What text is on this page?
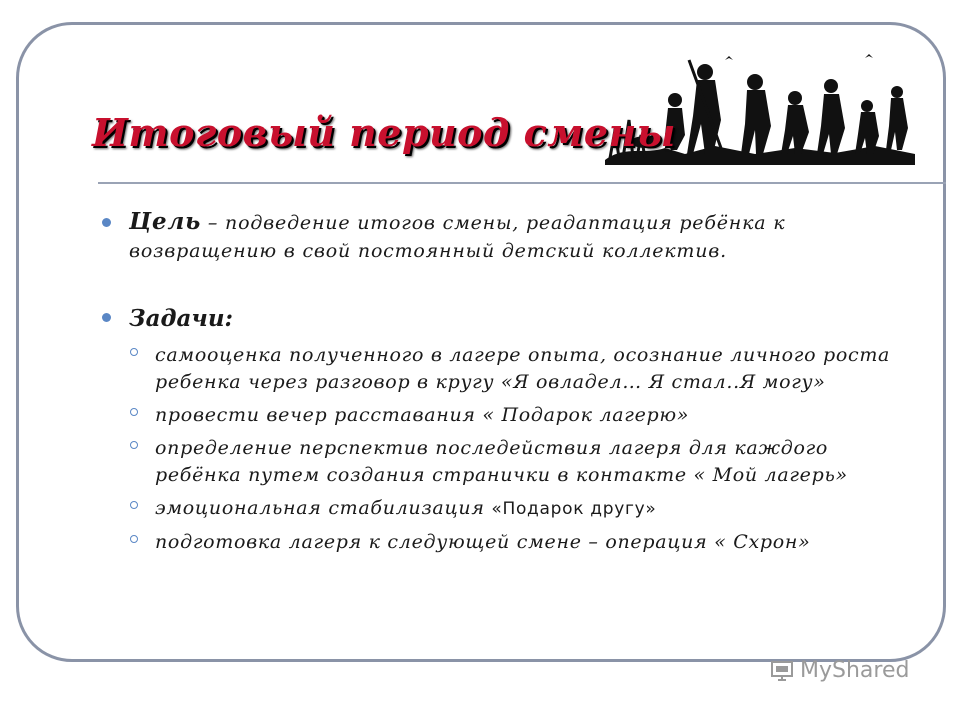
Итоговый период смены
Цель – подведение итогов смены, реадаптация ребёнка к возвращению в свой постоянный детский коллектив.
Задачи:
самооценка полученного в лагере опыта, осознание личного роста ребенка через разговор в кругу «Я овладел… Я стал..Я могу»
провести вечер расставания « Подарок лагерю»
определение перспектив последействия лагеря для каждого ребёнка путем создания странички в контакте « Мой лагерь»
эмоциональная стабилизация «Подарок другу»
подготовка лагеря к следующей смене – операция « Схрон»
MyShared
